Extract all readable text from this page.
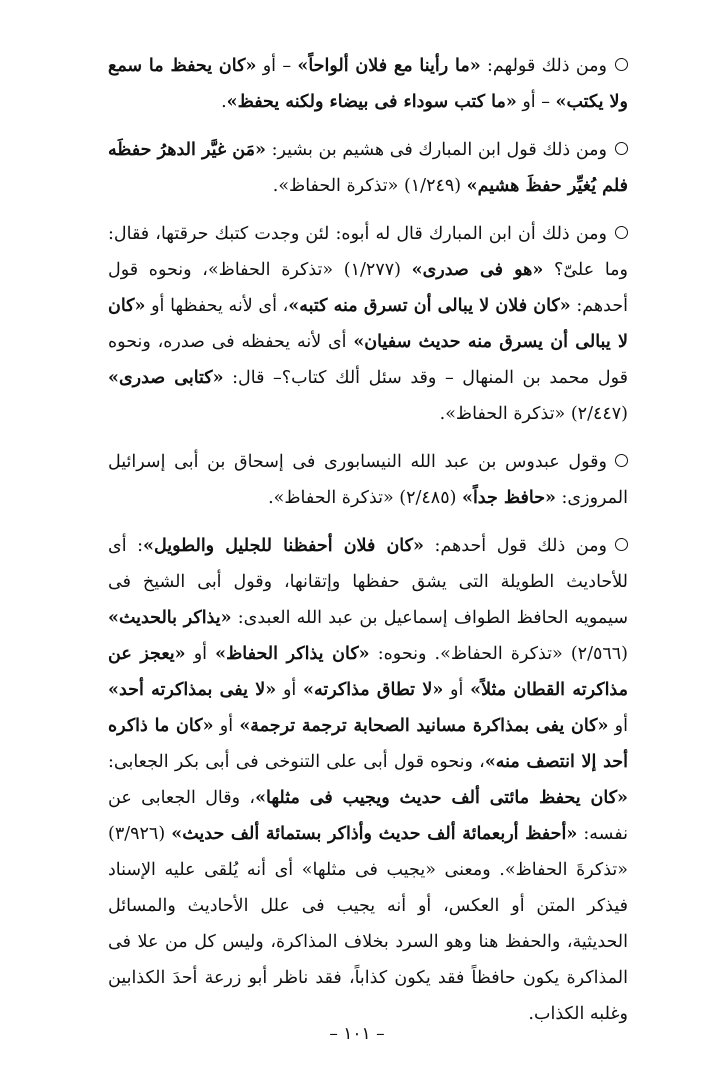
ومن ذلك قولهم: «ما رأينا مع فلان ألواحاً» – أو «كان يحفظ ما سمع ولا يكتب» – أو «ما كتب سوداء فى بيضاء ولكنه يحفظ».

ومن ذلك قول ابن المبارك فى هشيم بن بشير: «مَن غيَّر الدهرُ حفظَه فلم يُغيِّر حفظَ هشيم» (١/٢٤٩) «تذكرة الحفاظ».

ومن ذلك أن ابن المبارك قال له أبوه: لئن وجدت كتبك حرقتها، فقال: وما علىّ؟ «هو فى صدرى» (١/٢٧٧) «تذكرة الحفاظ»، ونحوه قول أحدهم: «كان فلان لا يبالى أن تسرق منه كتبه»، أى لأنه يحفظها أو «كان لا يبالى أن يسرق منه حديث سفيان» أى لأنه يحفظه فى صدره، ونحوه قول محمد بن المنهال – وقد سئل ألك كتاب؟– قال: «كتابى صدرى» (٢/٤٤٧) «تذكرة الحفاظ».

وقول عبدوس بن عبد الله النيسابورى فى إسحاق بن أبى إسرائيل المروزى: «حافظ جداً» (٢/٤٨٥) «تذكرة الحفاظ».

ومن ذلك قول أحدهم: «كان فلان أحفظنا للجليل والطويل»: أى للأحاديث الطويلة التى يشق حفظها وإتقانها، وقول أبى الشيخ فى سيمويه الحافظ الطواف إسماعيل بن عبد الله العبدى: «يذاكر بالحديث» (٢/٥٦٦) «تذكرة الحفاظ». ونحوه: «كان يذاكر الحفاظ» أو «يعجز عن مذاكرته القطان مثلاً» أو «لا تطاق مذاكرته» أو «لا يفى بمذاكرته أحد» أو «كان يفى بمذاكرة مسانيد الصحابة ترجمة ترجمة» أو «كان ما ذاكره أحد إلا انتصف منه»، ونحوه قول أبى على التنوخى فى أبى بكر الجعابى: «كان يحفظ مائتى ألف حديث ويجيب فى مثلها»، وقال الجعابى عن نفسه: «أحفظ أربعمائة ألف حديث وأذاكر بستمائة ألف حديث» (٣/٩٢٦) «تذكرةَ الحفاظ». ومعنى «يجيب فى مثلها» أى أنه يُلقى عليه الإسناد فيذكر المتن أو العكس، أو أنه يجيب فى علل الأحاديث والمسائل الحديثية، والحفظ هنا وهو السرد بخلاف المذاكرة، وليس كل من علا فى المذاكرة يكون حافظاً فقد يكون كذاباً، فقد ناظر أبو زرعة أحدَ الكذابين وغلبه الكذاب.

– ١٠١ –
